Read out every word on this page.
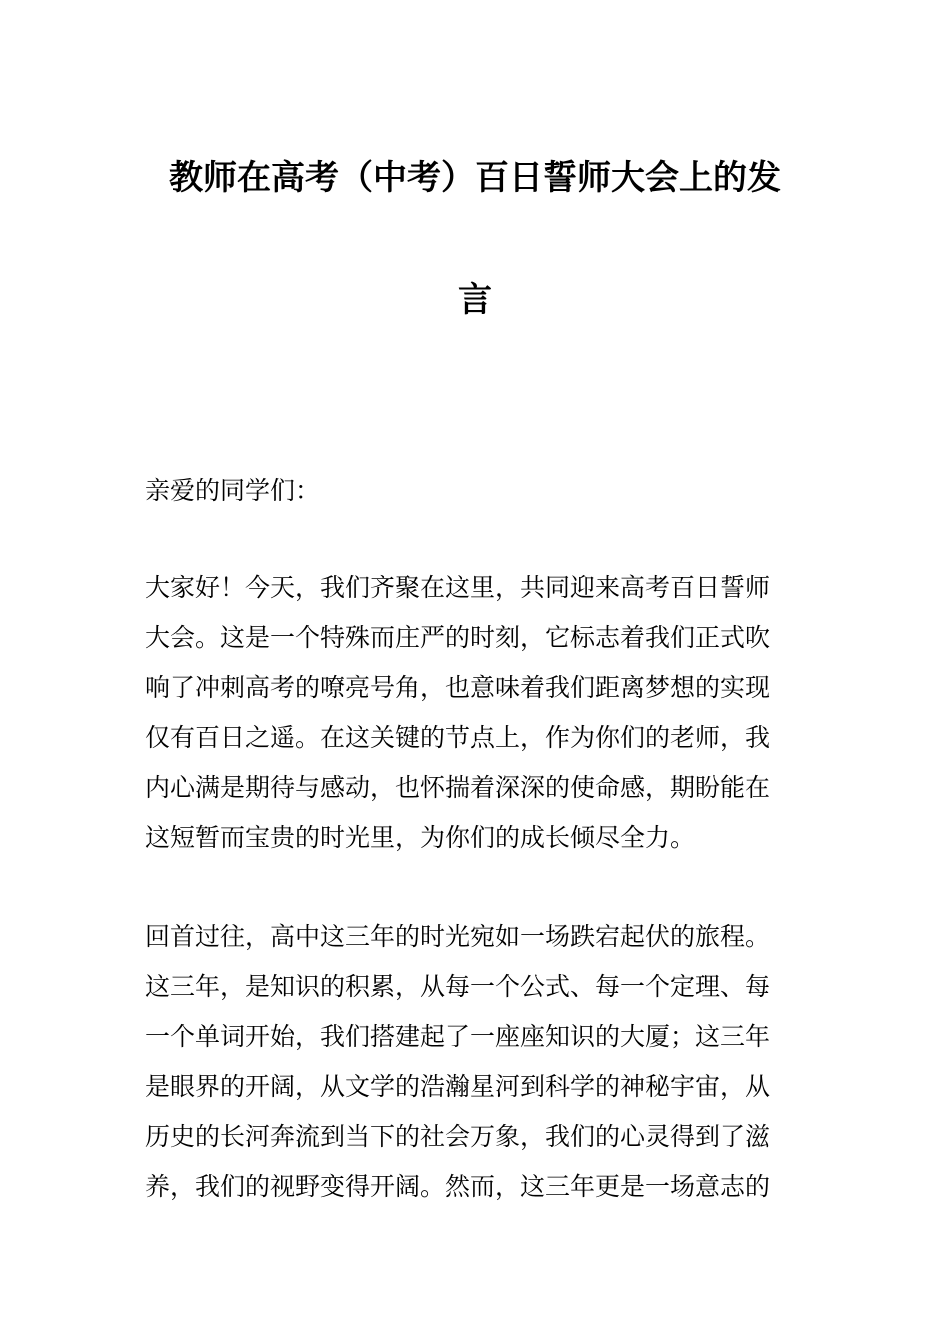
教师在高考（中考）百日誓师大会上的发
言

亲爱的同学们：

大家好！今天，我们齐聚在这里，共同迎来高考百日誓师
大会。这是一个特殊而庄严的时刻，它标志着我们正式吹
响了冲刺高考的嘹亮号角，也意味着我们距离梦想的实现
仅有百日之遥。在这关键的节点上，作为你们的老师，我
内心满是期待与感动，也怀揣着深深的使命感，期盼能在
这短暂而宝贵的时光里，为你们的成长倾尽全力。
回首过往，高中这三年的时光宛如一场跌宕起伏的旅程。
这三年，是知识的积累，从每一个公式、每一个定理、每
一个单词开始，我们搭建起了一座座知识的大厦；这三年
是眼界的开阔，从文学的浩瀚星河到科学的神秘宇宙，从
历史的长河奔流到当下的社会万象，我们的心灵得到了滋
养，我们的视野变得开阔。然而，这三年更是一场意志的
